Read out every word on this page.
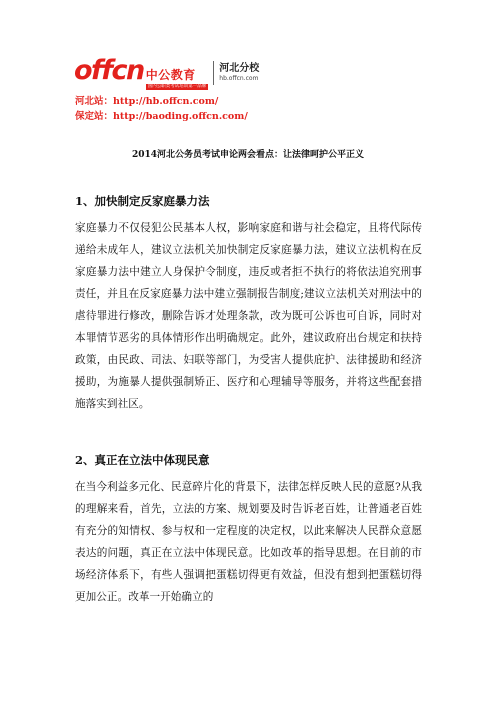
offcn 中公教育
国内公职类考试培训第一品牌
河北分校
hb.offcn.com
河北站：http://hb.offcn.com/
保定站：http://baoding.offcn.com/
2014河北公务员考试申论两会看点：让法律呵护公平正义
1、加快制定反家庭暴力法
家庭暴力不仅侵犯公民基本人权，影响家庭和谐与社会稳定，且将代际传递给未成年人，建议立法机关加快制定反家庭暴力法，建议立法机构在反家庭暴力法中建立人身保护令制度，违反或者拒不执行的将依法追究刑事责任，并且在反家庭暴力法中建立强制报告制度;建议立法机关对刑法中的虐待罪进行修改，删除告诉才处理条款，改为既可公诉也可自诉，同时对本罪情节恶劣的具体情形作出明确规定。此外，建议政府出台规定和扶持政策，由民政、司法、妇联等部门，为受害人提供庇护、法律援助和经济援助，为施暴人提供强制矫正、医疗和心理辅导等服务，并将这些配套措施落实到社区。
2、真正在立法中体现民意
在当今利益多元化、民意碎片化的背景下，法律怎样反映人民的意愿?从我的理解来看，首先，立法的方案、规划要及时告诉老百姓，让普通老百姓有充分的知情权、参与权和一定程度的决定权，以此来解决人民群众意愿表达的问题，真正在立法中体现民意。比如改革的指导思想。在目前的市场经济体系下，有些人强调把蛋糕切得更有效益，但没有想到把蛋糕切得更加公正。改革一开始确立的
